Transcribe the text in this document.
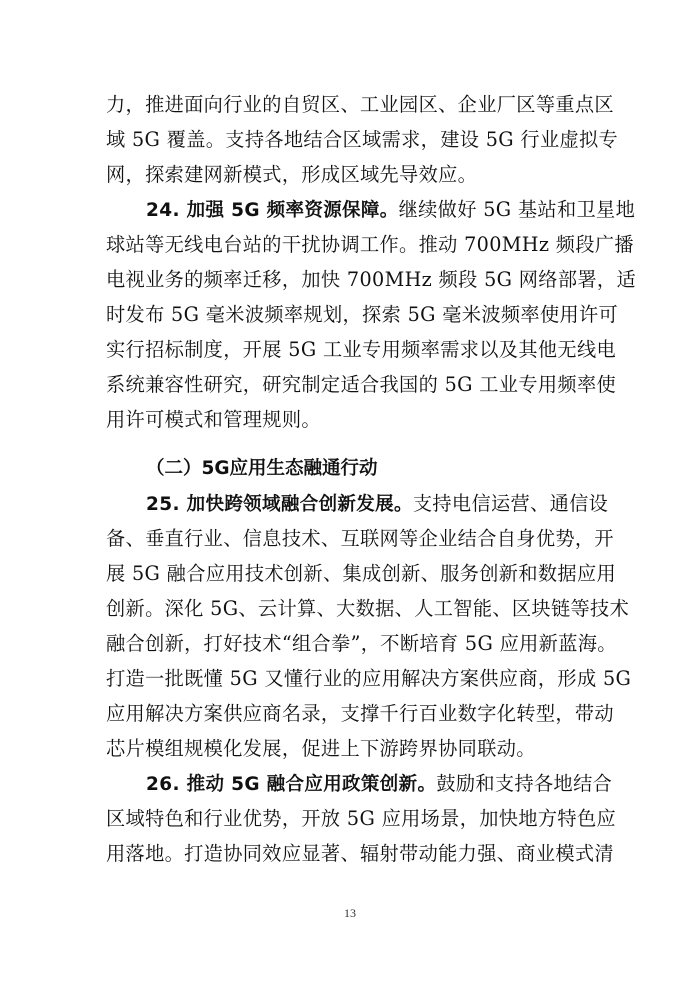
力，推进面向行业的自贸区、工业园区、企业厂区等重点区
域 5G 覆盖。支持各地结合区域需求，建设 5G 行业虚拟专
网，探索建网新模式，形成区域先导效应。
24. 加强 5G 频率资源保障。继续做好 5G 基站和卫星地
球站等无线电台站的干扰协调工作。推动 700MHz 频段广播
电视业务的频率迁移，加快 700MHz 频段 5G 网络部署，适
时发布 5G 毫米波频率规划，探索 5G 毫米波频率使用许可
实行招标制度，开展 5G 工业专用频率需求以及其他无线电
系统兼容性研究，研究制定适合我国的 5G 工业专用频率使
用许可模式和管理规则。
（二）5G应用生态融通行动
25. 加快跨领域融合创新发展。支持电信运营、通信设
备、垂直行业、信息技术、互联网等企业结合自身优势，开
展 5G 融合应用技术创新、集成创新、服务创新和数据应用
创新。深化 5G、云计算、大数据、人工智能、区块链等技术
融合创新，打好技术“组合拳”，不断培育 5G 应用新蓝海。
打造一批既懂 5G 又懂行业的应用解决方案供应商，形成 5G
应用解决方案供应商名录，支撑千行百业数字化转型，带动
芯片模组规模化发展，促进上下游跨界协同联动。
26. 推动 5G 融合应用政策创新。鼓励和支持各地结合
区域特色和行业优势，开放 5G 应用场景，加快地方特色应
用落地。打造协同效应显著、辐射带动能力强、商业模式清
13
